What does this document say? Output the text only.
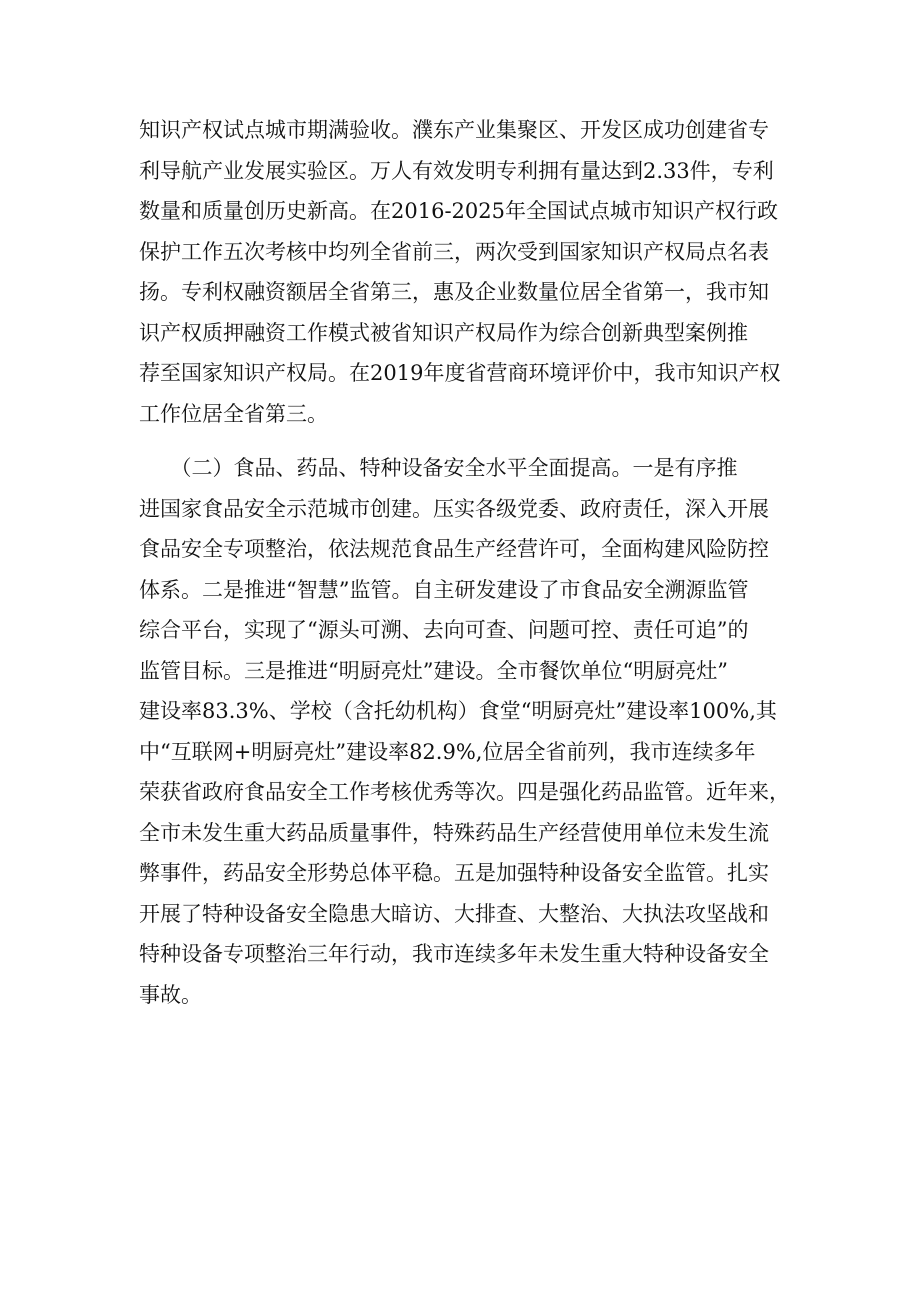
知识产权试点城市期满验收。濮东产业集聚区、开发区成功创建省专
利导航产业发展实验区。万人有效发明专利拥有量达到2.33件，专利
数量和质量创历史新高。在2016-2025年全国试点城市知识产权行政
保护工作五次考核中均列全省前三，两次受到国家知识产权局点名表
扬。专利权融资额居全省第三，惠及企业数量位居全省第一，我市知
识产权质押融资工作模式被省知识产权局作为综合创新典型案例推
荐至国家知识产权局。在2019年度省营商环境评价中，我市知识产权
工作位居全省第三。
　　（二）食品、药品、特种设备安全水平全面提高。一是有序推
进国家食品安全示范城市创建。压实各级党委、政府责任，深入开展
食品安全专项整治，依法规范食品生产经营许可，全面构建风险防控
体系。二是推进“智慧”监管。自主研发建设了市食品安全溯源监管
综合平台，实现了“源头可溯、去向可查、问题可控、责任可追”的
监管目标。三是推进“明厨亮灶”建设。全市餐饮单位“明厨亮灶”
建设率83.3%、学校（含托幼机构）食堂“明厨亮灶”建设率100%,其
中“互联网+明厨亮灶”建设率82.9%,位居全省前列，我市连续多年
荣获省政府食品安全工作考核优秀等次。四是强化药品监管。近年来，
全市未发生重大药品质量事件，特殊药品生产经营使用单位未发生流
弊事件，药品安全形势总体平稳。五是加强特种设备安全监管。扎实
开展了特种设备安全隐患大暗访、大排查、大整治、大执法攻坚战和
特种设备专项整治三年行动，我市连续多年未发生重大特种设备安全
事故。
